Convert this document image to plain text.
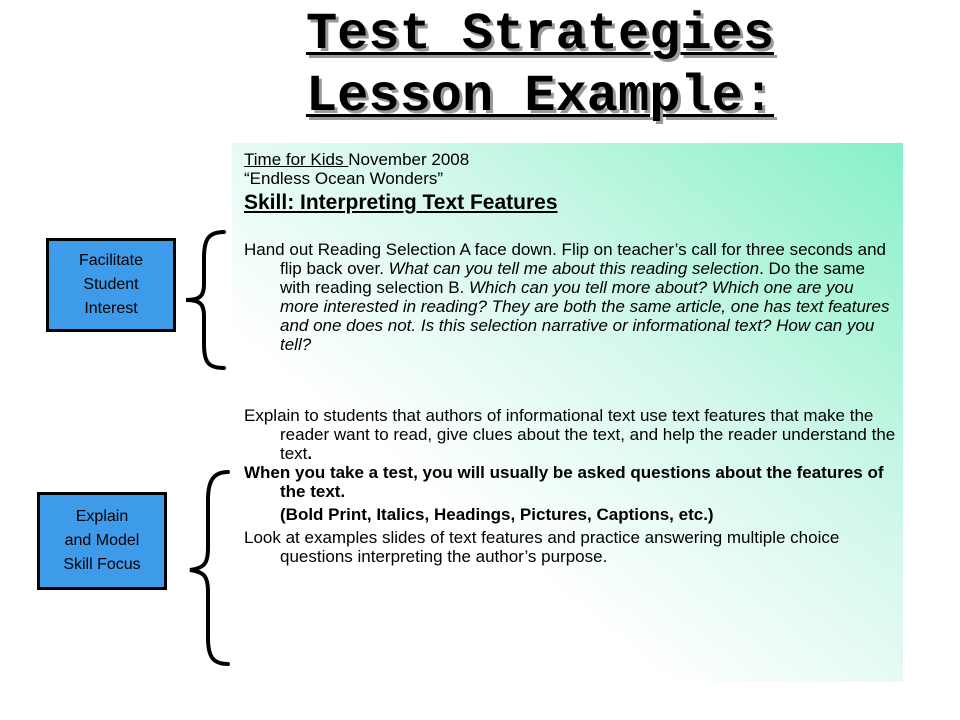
Test Strategies
Lesson Example:

Time for Kids November 2008

“Endless Ocean Wonders”

Skill: Interpreting Text Features

Hand out Reading Selection A face down. Flip on teacher’s call for three seconds and flip back over. What can you tell me about this reading selection. Do the same with reading selection B. Which can you tell more about? Which one are you more interested in reading? They are both the same article, one has text features and one does not. Is this selection narrative or informational text? How can you tell?

Explain to students that authors of informational text use text features that make the reader want to read, give clues about the text, and help the reader understand the text.

When you take a test, you will usually be asked questions about the features of the text.

(Bold Print, Italics, Headings, Pictures, Captions, etc.)

Look at examples slides of text features and practice answering multiple choice questions interpreting the author’s purpose.

Facilitate
Student
Interest
Explain
and Model
Skill Focus
